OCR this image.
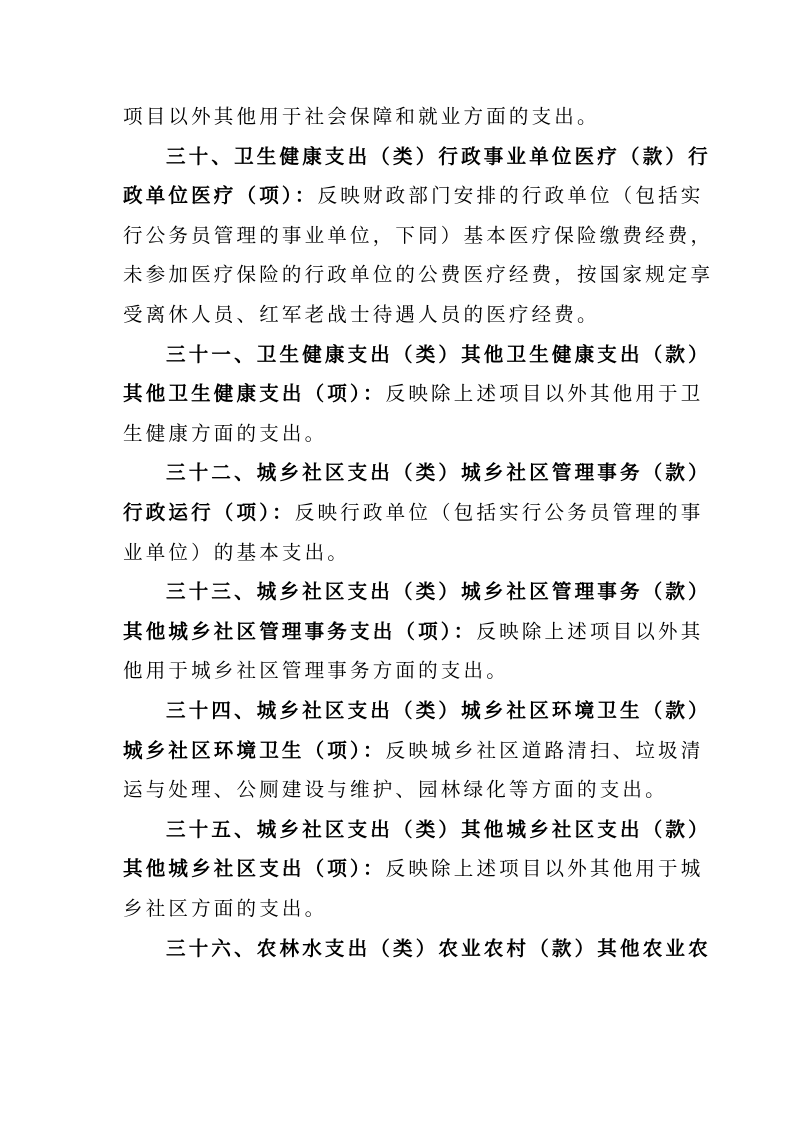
项目以外其他用于社会保障和就业方面的支出。
三十、卫生健康支出（类）行政事业单位医疗（款）行
政单位医疗（项）：反映财政部门安排的行政单位（包括实
行公务员管理的事业单位，下同）基本医疗保险缴费经费，
未参加医疗保险的行政单位的公费医疗经费，按国家规定享
受离休人员、红军老战士待遇人员的医疗经费。
三十一、卫生健康支出（类）其他卫生健康支出（款）
其他卫生健康支出（项）：反映除上述项目以外其他用于卫
生健康方面的支出。
三十二、城乡社区支出（类）城乡社区管理事务（款）
行政运行（项）：反映行政单位（包括实行公务员管理的事
业单位）的基本支出。
三十三、城乡社区支出（类）城乡社区管理事务（款）
其他城乡社区管理事务支出（项）：反映除上述项目以外其
他用于城乡社区管理事务方面的支出。
三十四、城乡社区支出（类）城乡社区环境卫生（款）
城乡社区环境卫生（项）：反映城乡社区道路清扫、垃圾清
运与处理、公厕建设与维护、园林绿化等方面的支出。
三十五、城乡社区支出（类）其他城乡社区支出（款）
其他城乡社区支出（项）：反映除上述项目以外其他用于城
乡社区方面的支出。
三十六、农林水支出（类）农业农村（款）其他农业农
